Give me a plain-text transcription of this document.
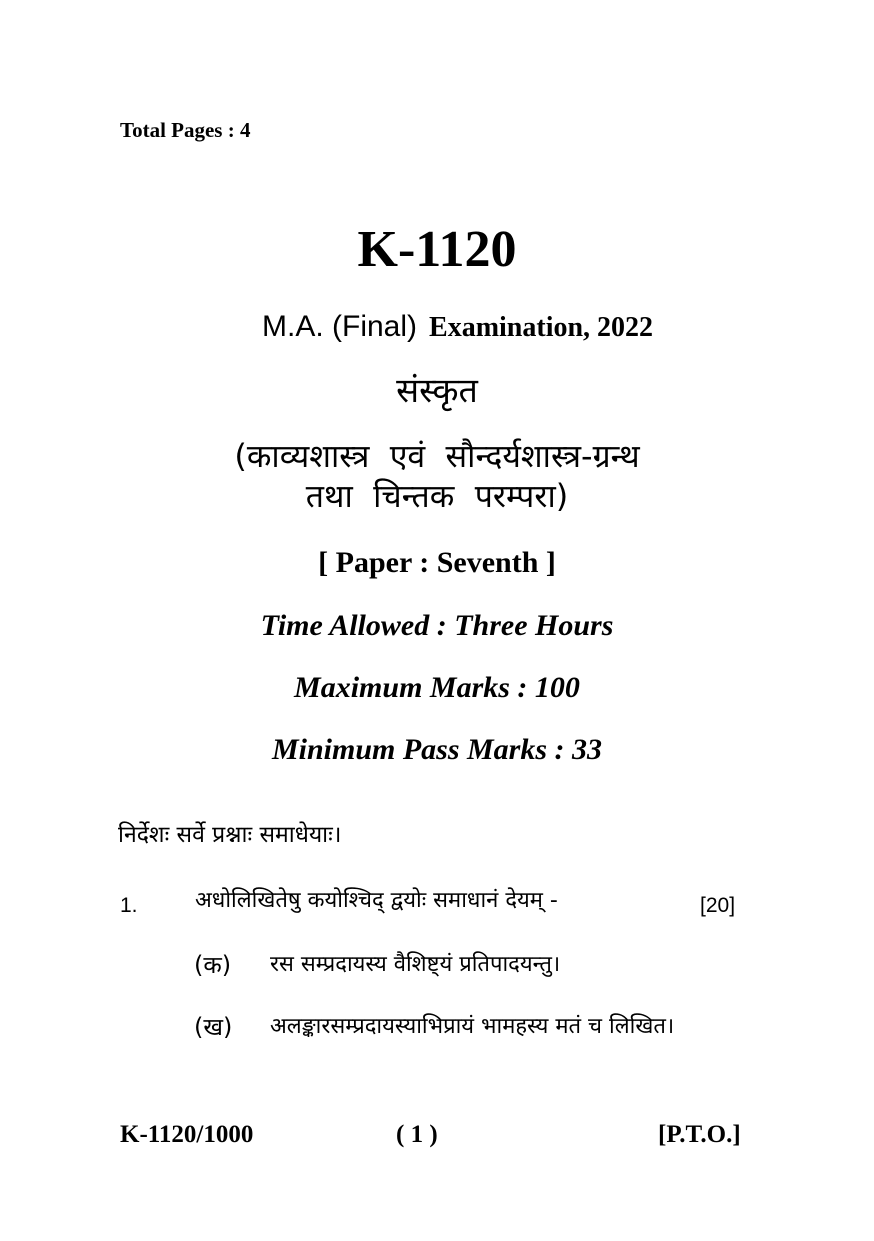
Total Pages : 4
K-1120
M.A. (Final) Examination, 2022
संस्कृत
(काव्यशास्त्र  एवं  सौन्दर्यशास्त्र-ग्रन्थ
तथा  चिन्तक  परम्परा)
[ Paper : Seventh ]
Time Allowed : Three Hours
Maximum Marks : 100
Minimum Pass Marks : 33
निर्देशः सर्वे प्रश्नाः समाधेयाः।
1.	अधोलिखितेषु कयोश्चिद् द्वयोः समाधानं देयम् -	[20]
(क) रस सम्प्रदायस्य वैशिष्ट्यं प्रतिपादयन्तु।
(ख) अलङ्कारसम्प्रदायस्याभिप्रायं भामहस्य मतं च लिखित।
K-1120/1000	( 1 )	[P.T.O.]
